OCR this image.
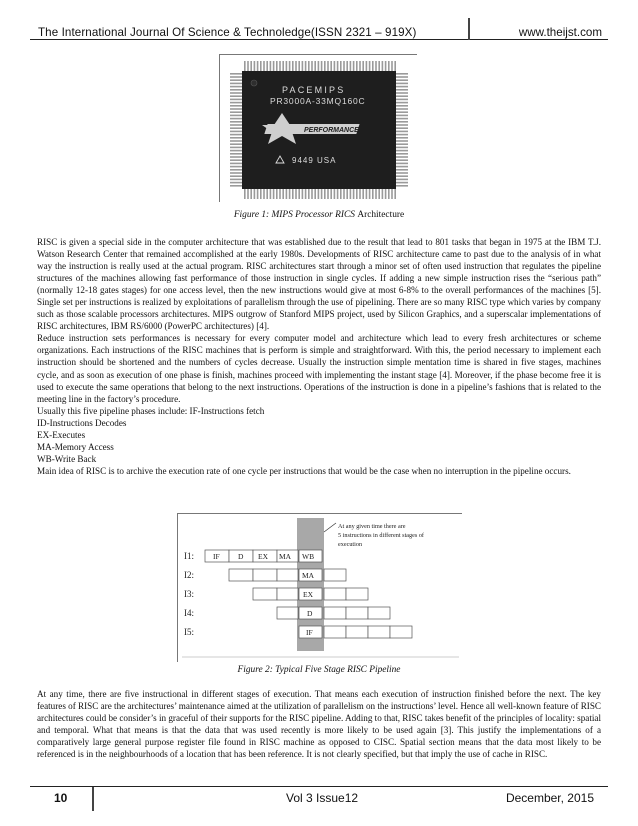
The International Journal Of Science & Technoledge(ISSN 2321 – 919X)	www.theijst.com
PACEMIPS
PR3000A-33MQ160C
PERFORMANCE
9449 USA
Figure 1: MIPS Processor RICS Architecture

RISC is given a special side in the computer architecture that was established due to the result that lead to 801 tasks that began in 1975 at the IBM T.J. Watson Research Center that remained accomplished at the early 1980s. Developments of RISC architecture came to past due to the analysis of in what way the instruction is really used at the actual program. RISC architectures start through a minor set of often used instruction that regulates the pipeline structures of the machines allowing fast performance of those instruction in single cycles. If adding a new simple instruction rises the “serious path” (normally 12-18 gates stages) for one access level, then the new instructions would give at most 6-8% to the overall performances of the machines [5]. Single set per instructions is realized by exploitations of parallelism through the use of pipelining. There are so many RISC type which varies by company such as those scalable processors architectures. MIPS outgrow of Stanford MIPS project, used by Silicon Graphics, and a superscalar implementations of RISC architectures, IBM RS/6000 (PowerPC architectures) [4].

Reduce instruction sets performances is necessary for every computer model and architecture which lead to every fresh architectures or scheme organizations. Each instructions of the RISC machines that is perform is simple and straightforward. With this, the period necessary to implement each instruction should be shortened and the numbers of cycles decrease. Usually the instruction simple mentation time is shared in five stages, machines cycle, and as soon as execution of one phase is finish, machines proceed with implementing the instant stage [4]. Moreover, if the phase become free it is used to execute the same operations that belong to the next instructions. Operations of the instruction is done in a pipeline’s fashions that is related to the meeting line in the factory’s procedure.

Usually this five pipeline phases include: IF-Instructions fetch

ID-Instructions Decodes

EX-Executes

MA-Memory Access

WB-Write Back

Main idea of RISC is to archive the execution rate of one cycle per instructions that would be the case when no interruption in the pipeline occurs.

At any given time there are
5 instructions in different stages of
execution
I1:
I2:
I3:
I4:
I5:
IF D EX MA WB
MA
EX
D
IF
Figure 2: Typical Five Stage RISC Pipeline

At any time, there are five instructional in different stages of execution. That means each execution of instruction finished before the next. The key features of RISC are the architectures’ maintenance aimed at the utilization of parallelism on the instructions’ level. Hence all well-known feature of RISC architectures could be consider’s in graceful of their supports for the RISC pipeline. Adding to that, RISC takes benefit of the principles of locality: spatial and temporal. What that means is that the data that was used recently is more likely to be used again [3]. This justify the implementations of a comparatively large general purpose register file found in RISC machine as opposed to CISC. Spatial section means that the data most likely to be referenced is in the neighbourhoods of a location that has been reference. It is not clearly specified, but that imply the use of cache in RISC.

10	Vol 3 Issue12	December, 2015
